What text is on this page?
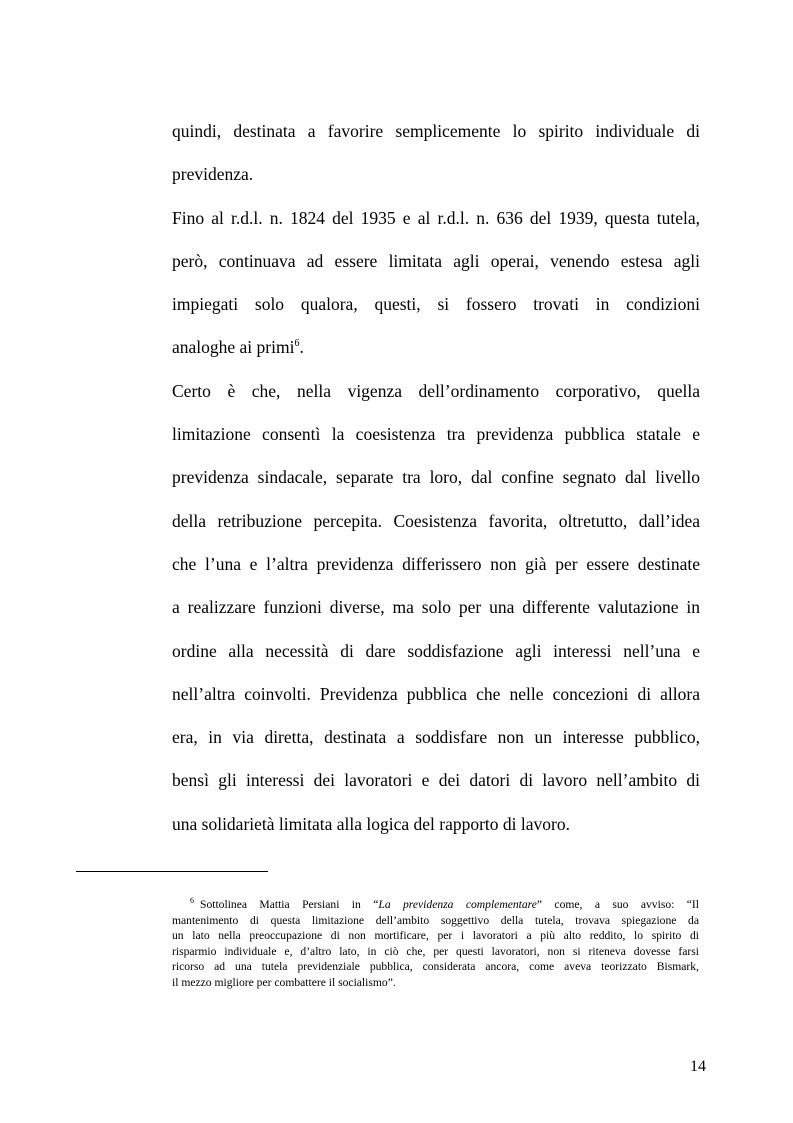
quindi, destinata a favorire semplicemente lo spirito individuale di
previdenza.

Fino al r.d.l. n. 1824 del 1935 e al r.d.l. n. 636 del 1939, questa tutela,
però, continuava ad essere limitata agli operai, venendo estesa agli
impiegati solo qualora, questi, si fossero trovati in condizioni
analoghe ai primi$^6$.

Certo è che, nella vigenza dell’ordinamento corporativo, quella
limitazione consentì la coesistenza tra previdenza pubblica statale e
previdenza sindacale, separate tra loro, dal confine segnato dal livello
della retribuzione percepita. Coesistenza favorita, oltretutto, dall’idea
che l’una e l’altra previdenza differissero non già per essere destinate
a realizzare funzioni diverse, ma solo per una differente valutazione in
ordine alla necessità di dare soddisfazione agli interessi nell’una e
nell’altra coinvolti. Previdenza pubblica che nelle concezioni di allora
era, in via diretta, destinata a soddisfare non un interesse pubblico,
bensì gli interessi dei lavoratori e dei datori di lavoro nell’ambito di
una solidarietà limitata alla logica del rapporto di lavoro.

$^6$ Sottolinea Mattia Persiani in “La previdenza complementare” come, a suo avviso: “Il
mantenimento di questa limitazione dell’ambito soggettivo della tutela, trovava spiegazione da
un lato nella preoccupazione di non mortificare, per i lavoratori a più alto reddito, lo spirito di
risparmio individuale e, d’altro lato, in ciò che, per questi lavoratori, non si riteneva dovesse farsi
ricorso ad una tutela previdenziale pubblica, considerata ancora, come aveva teorizzato Bismark,
il mezzo migliore per combattere il socialismo”.
14
